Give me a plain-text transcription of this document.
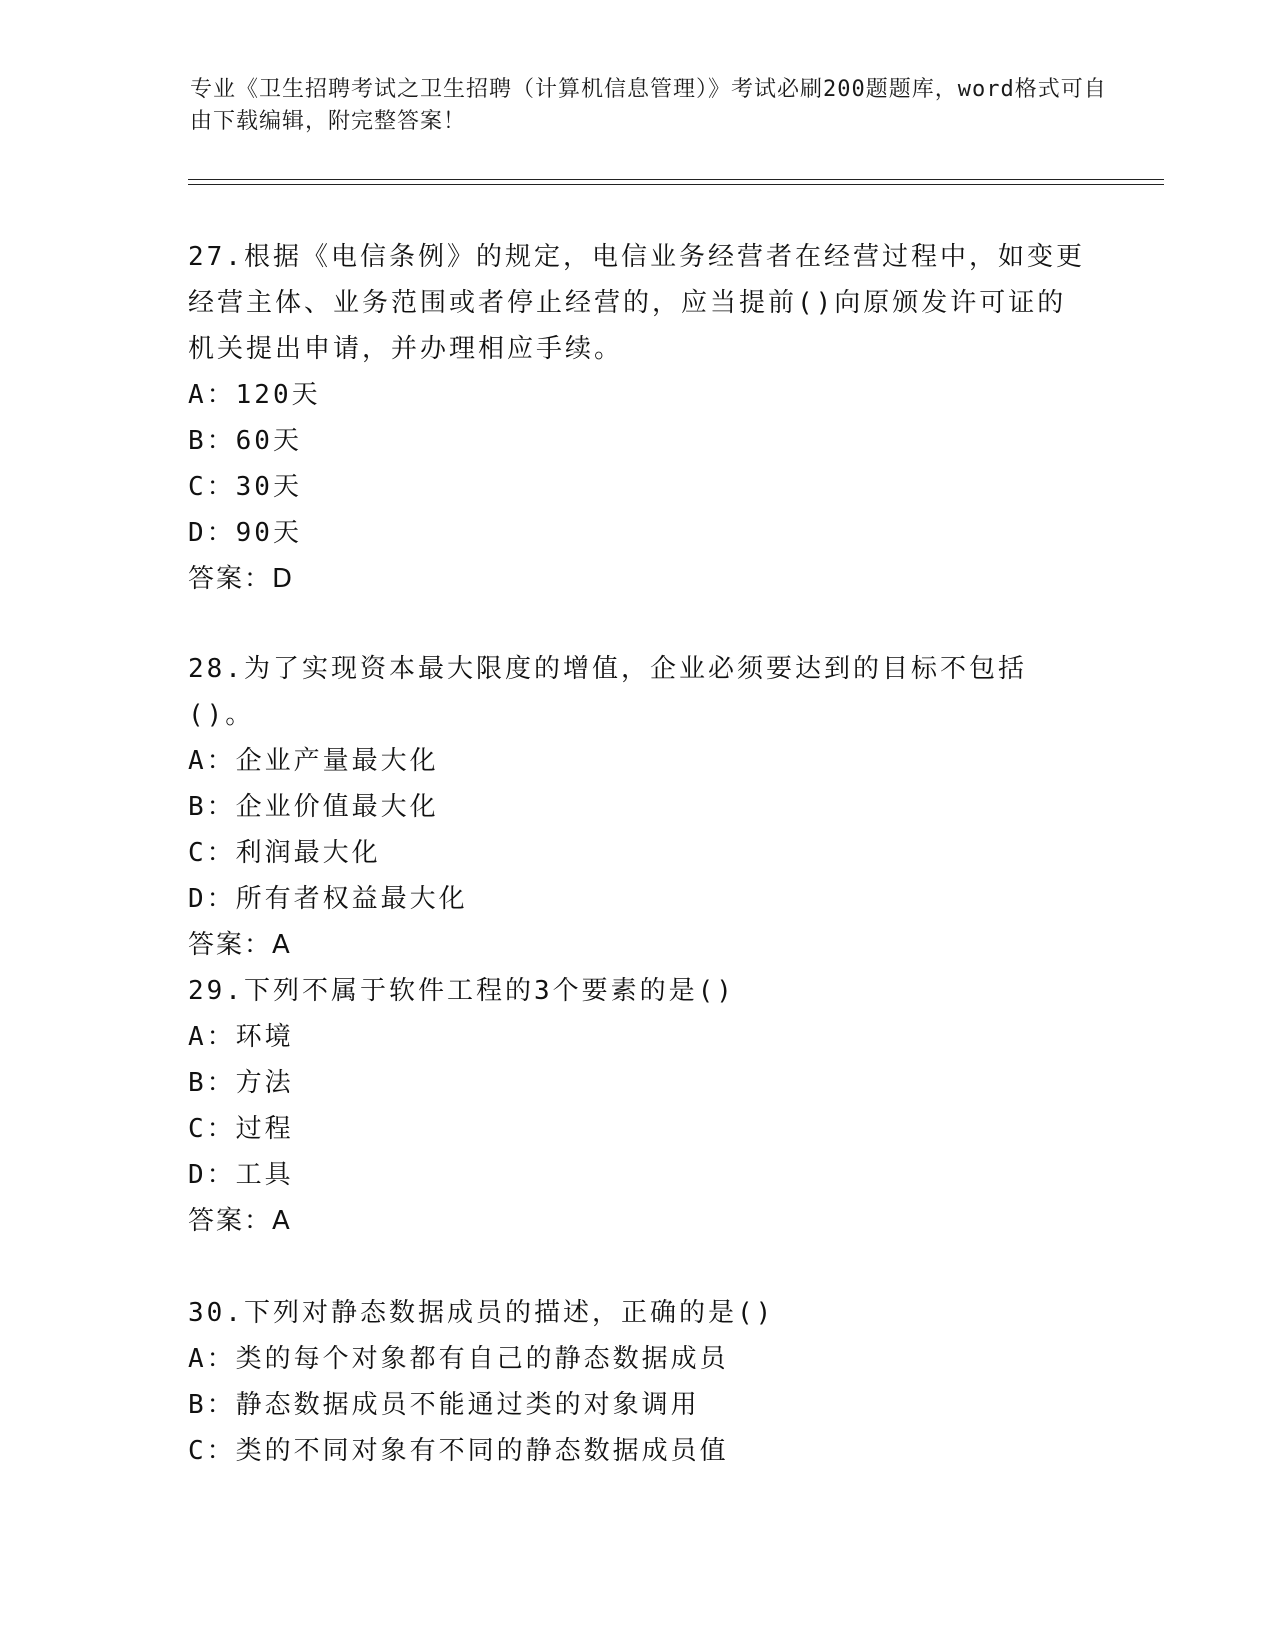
专业《卫生招聘考试之卫生招聘（计算机信息管理）》考试必刷200题题库，word格式可自由下载编辑，附完整答案！

27.根据《电信条例》的规定，电信业务经营者在经营过程中，如变更经营主体、业务范围或者停止经营的，应当提前()向原颁发许可证的机关提出申请，并办理相应手续。

A：120天

B：60天

C：30天

D：90天

答案：D

28.为了实现资本最大限度的增值，企业必须要达到的目标不包括()。

A：企业产量最大化

B：企业价值最大化

C：利润最大化

D：所有者权益最大化

答案：A

29.下列不属于软件工程的3个要素的是()

A：环境

B：方法

C：过程

D：工具

答案：A

30.下列对静态数据成员的描述，正确的是()

A：类的每个对象都有自己的静态数据成员

B：静态数据成员不能通过类的对象调用

C：类的不同对象有不同的静态数据成员值
